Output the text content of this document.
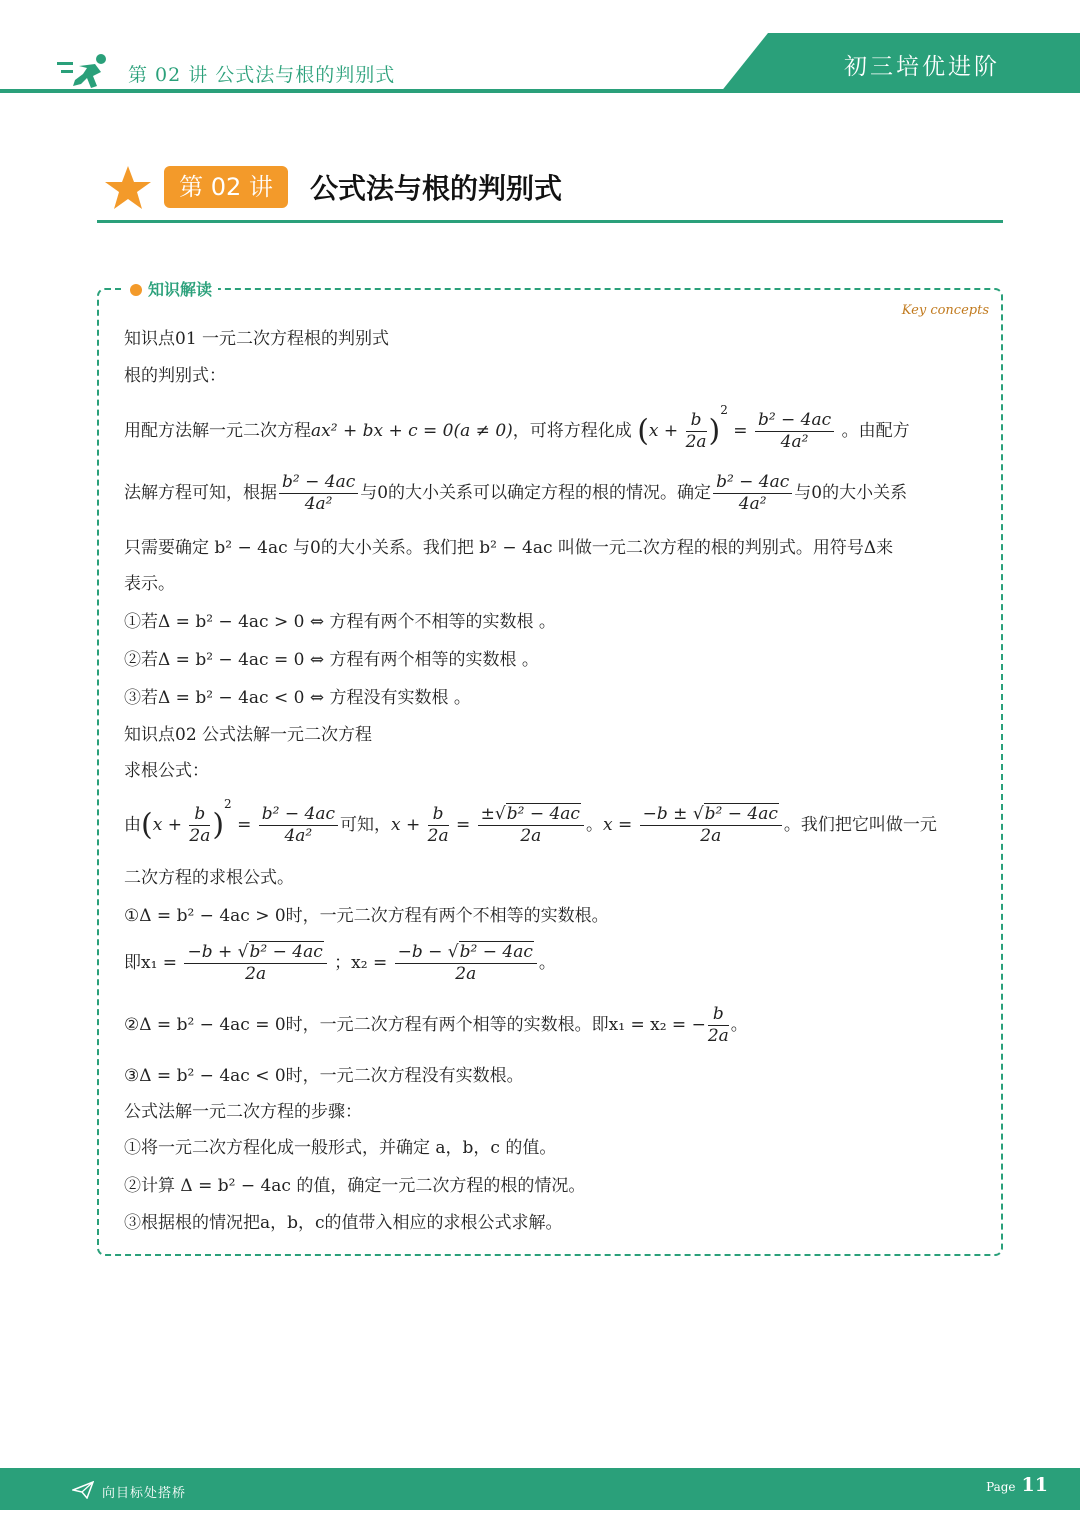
初三培优进阶
第 02 讲 公式法与根的判别式
第 02 讲	公式法与根的判别式
知识解读
Key concepts
知识点01 一元二次方程根的判别式
根的判别式：
用配方法解一元二次方程ax² + bx + c = 0(a ≠ 0)，可将方程化成 $(x + \frac{b}{2a} )^2 = \frac{\text{b² − 4ac}}{\text{4a²}}$ 。由配方
法解方程可知，根据 $\frac{\text{b² − 4ac}}{\text{4a²}}$ 与0的大小关系可以确定方程的根的情况。确定 $\frac{\text{b² − 4ac}}{\text{4a²}}$ 与0的大小关系
只需要确定 b² − 4ac 与0的大小关系。我们把 b² − 4ac 叫做一元二次方程的根的判别式。用符号Δ来
表示。
①若Δ = b² − 4ac > 0 ⇔ 方程有两个不相等的实数根 。
②若Δ = b² − 4ac = 0 ⇔ 方程有两个相等的实数根 。
③若Δ = b² − 4ac < 0 ⇔ 方程没有实数根 。
知识点02 公式法解一元二次方程
求根公式：
由$(x + \frac{b}{2a} )^2 = \frac{\text{b² − 4ac}}{\text{4a²}}$ 可知，$x + \frac{b}{2a} = \frac{\text{±√b² − 4ac}}{2a}$ 。$x = \frac{\text{−b ± √b² − 4ac}}{2a}$ 。我们把它叫做一元
二次方程的求根公式。
①Δ = b² − 4ac > 0时，一元二次方程有两个不相等的实数根。
即$x_1 = \frac{\text{−b + √b² − 4ac}}{2a}$ ；$x_2 = \frac{\text{−b − √b² − 4ac}}{2a}$ 。
②Δ = b² − 4ac = 0时，一元二次方程有两个相等的实数根。即x₁ = x₂ = − $\frac{b}{2a}$ 。
③Δ = b² − 4ac < 0时，一元二次方程没有实数根。
公式法解一元二次方程的步骤：
①将一元二次方程化成一般形式，并确定 a，b，c 的值。
②计算 Δ = b² − 4ac 的值，确定一元二次方程的根的情况。
③根据根的情况把a，b，c的值带入相应的求根公式求解。
向目标处搭桥	Page 11
